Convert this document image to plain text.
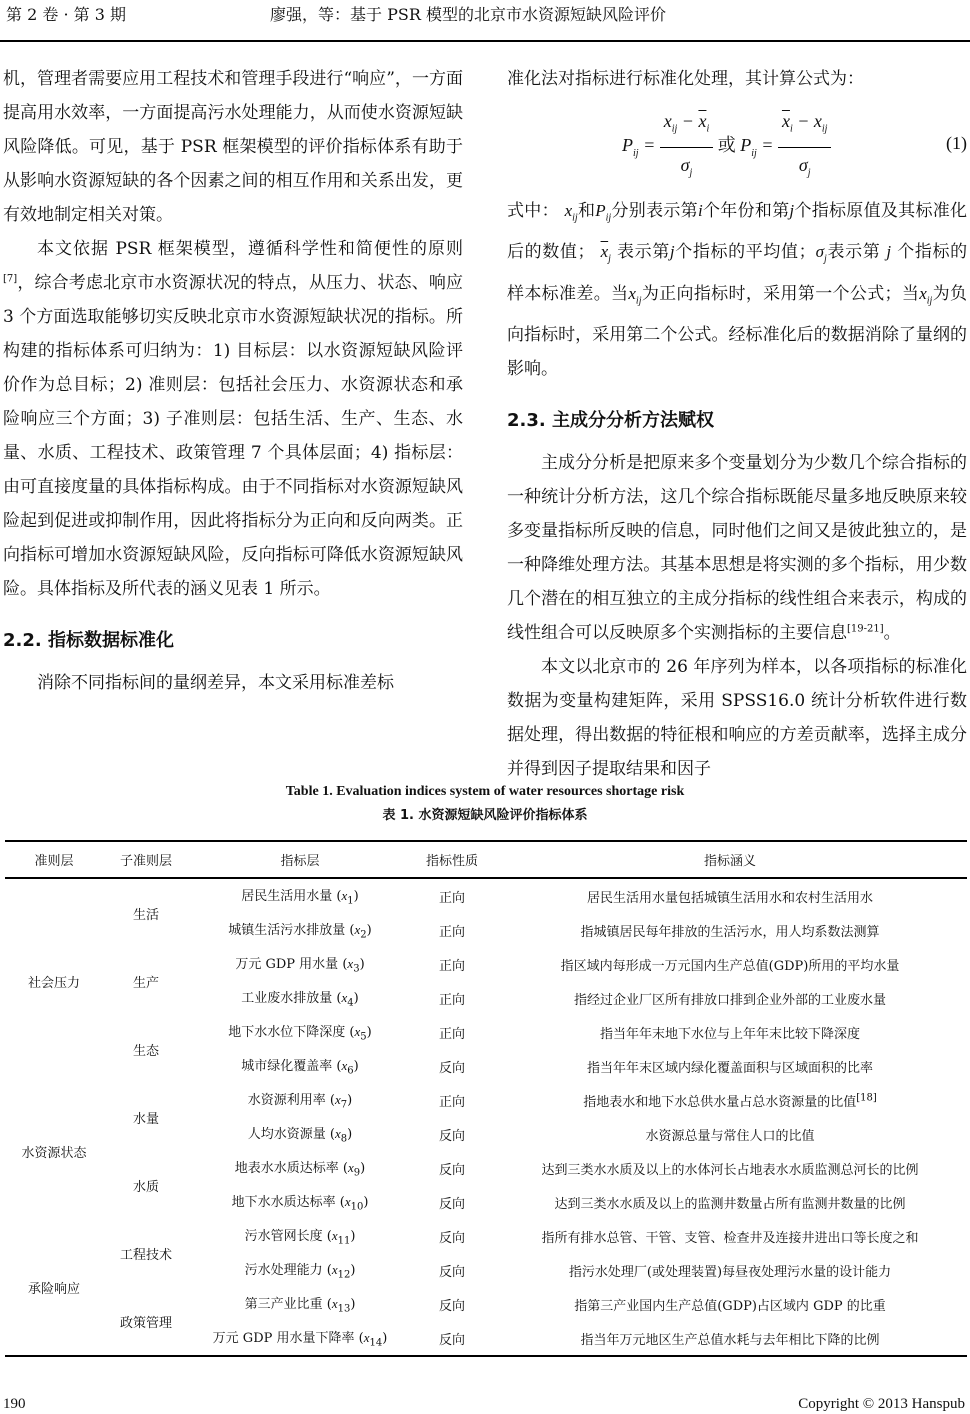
第 2 卷 · 第 3 期	廖强，等：基于 PSR 模型的北京市水资源短缺风险评价

机，管理者需要应用工程技术和管理手段进行“响应”，一方面提高用水效率，一方面提高污水处理能力，从而使水资源短缺风险降低。可见，基于 PSR 框架模型的评价指标体系有助于从影响水资源短缺的各个因素之间的相互作用和关系出发，更有效地制定相关对策。

本文依据 PSR 框架模型，遵循科学性和简便性的原则[7]，综合考虑北京市水资源状况的特点，从压力、状态、响应 3 个方面选取能够切实反映北京市水资源短缺状况的指标。所构建的指标体系可归纳为：1) 目标层：以水资源短缺风险评价作为总目标；2) 准则层：包括社会压力、水资源状态和承险响应三个方面；3) 子准则层：包括生活、生产、生态、水量、水质、工程技术、政策管理 7 个具体层面；4) 指标层：由可直接度量的具体指标构成。由于不同指标对水资源短缺风险起到促进或抑制作用，因此将指标分为正向和反向两类。正向指标可增加水资源短缺风险，反向指标可降低水资源短缺风险。具体指标及所代表的涵义见表 1 所示。

2.2. 指标数据标准化

消除不同指标间的量纲差异，本文采用标准差标

准化法对指标进行标准化处理，其计算公式为：

$P_{ij} = \frac{x_{ij} - \overline{x}_i}{\sigma_j}$ 或 $P_{ij} = \frac{\overline{x}_i - x_{ij}}{\sigma_j}$	(1)

式中： $x_{ij}$和$P_{ij}$分别表示第i个年份和第j个指标原值及其标准化后的数值； $\overline{x}_j$ 表示第j个指标的平均值；$\sigma_j$表示第 j 个指标的样本标准差。当$x_{ij}$为正向指标时，采用第一个公式；当$x_{ij}$为负向指标时，采用第二个公式。经标准化后的数据消除了量纲的影响。

2.3. 主成分分析方法赋权

主成分分析是把原来多个变量划分为少数几个综合指标的一种统计分析方法，这几个综合指标既能尽量多地反映原来较多变量指标所反映的信息，同时他们之间又是彼此独立的，是一种降维处理方法。其基本思想是将实测的多个指标，用少数几个潜在的相互独立的主成分指标的线性组合来表示，构成的线性组合可以反映原多个实测指标的主要信息[19-21]。

本文以北京市的 26 年序列为样本，以各项指标的标准化数据为变量构建矩阵，采用 SPSS16.0 统计分析软件进行数据处理，得出数据的特征根和响应的方差贡献率，选择主成分并得到因子提取结果和因子

Table 1. Evaluation indices system of water resources shortage risk
表 1. 水资源短缺风险评价指标体系
准则层	子准则层	指标层	指标性质	指标涵义
社会压力	生活	居民生活用水量 $(x_1)$	正向	居民生活用水量包括城镇生活用水和农村生活用水
		城镇生活污水排放量 $(x_2)$	正向	指城镇居民每年排放的生活污水，用人均系数法测算
	生产	万元 GDP 用水量 $(x_3)$	正向	指区域内每形成一万元国内生产总值(GDP)所用的平均水量
		工业废水排放量 $(x_4)$	正向	指经过企业厂区所有排放口排到企业外部的工业废水量
	生态	地下水水位下降深度 $(x_5)$	正向	指当年年末地下水位与上年年末比较下降深度
		城市绿化覆盖率 $(x_6)$	反向	指当年年末区域内绿化覆盖面积与区域面积的比率
水资源状态	水量	水资源利用率 $(x_7)$	正向	指地表水和地下水总供水量占总水资源量的比值[18]
		人均水资源量 $(x_8)$	反向	水资源总量与常住人口的比值
	水质	地表水水质达标率 $(x_9)$	反向	达到三类水水质及以上的水体河长占地表水水质监测总河长的比例
		地下水水质达标率 $(x_{10})$	反向	达到三类水水质及以上的监测井数量占所有监测井数量的比例
承险响应	工程技术	污水管网长度 $(x_{11})$	反向	指所有排水总管、干管、支管、检查井及连接井进出口等长度之和
		污水处理能力 $(x_{12})$	反向	指污水处理厂(或处理装置)每昼夜处理污水量的设计能力
	政策管理	第三产业比重 $(x_{13})$	反向	指第三产业国内生产总值(GDP)占区域内 GDP 的比重
		万元 GDP 用水量下降率 $(x_{14})$	反向	指当年万元地区生产总值水耗与去年相比下降的比例
190	Copyright © 2013 Hanspub
